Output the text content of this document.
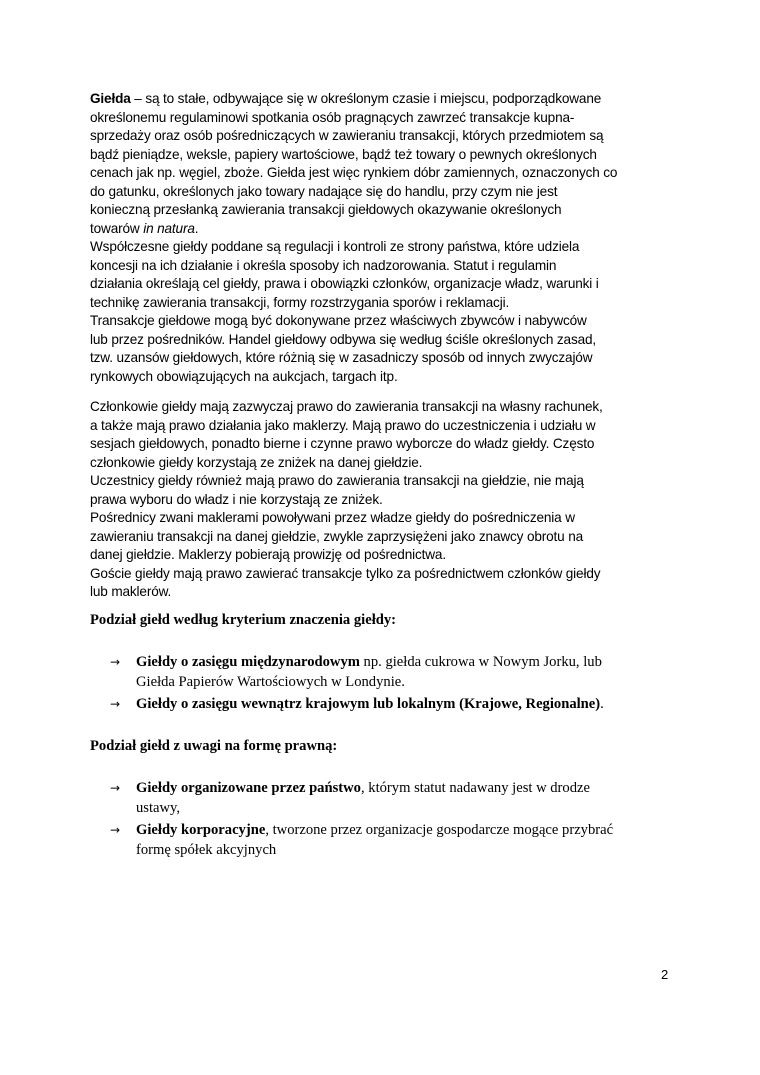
Giełda – są to stałe, odbywające się w określonym czasie i miejscu, podporządkowane
określonemu regulaminowi spotkania osób pragnących zawrzeć transakcje kupna-
sprzedaży oraz osób pośredniczących w zawieraniu transakcji, których przedmiotem są
bądź pieniądze, weksle, papiery wartościowe, bądź też towary o pewnych określonych
cenach jak np. węgiel, zboże. Giełda jest więc rynkiem dóbr zamiennych, oznaczonych co
do gatunku, określonych jako towary nadające się do handlu, przy czym nie jest
konieczną przesłanką zawierania transakcji giełdowych okazywanie określonych
towarów in natura.
Współczesne giełdy poddane są regulacji i kontroli ze strony państwa, które udziela
koncesji na ich działanie i określa sposoby ich nadzorowania. Statut i regulamin
działania określają cel giełdy, prawa i obowiązki członków, organizacje władz, warunki i
technikę zawierania transakcji, formy rozstrzygania sporów i reklamacji.
Transakcje giełdowe mogą być dokonywane przez właściwych zbywców i nabywców
lub przez pośredników. Handel giełdowy odbywa się według ściśle określonych zasad,
tzw. uzansów giełdowych, które różnią się w zasadniczy sposób od innych zwyczajów
rynkowych obowiązujących na aukcjach, targach itp.
Członkowie giełdy mają zazwyczaj prawo do zawierania transakcji na własny rachunek,
a także mają prawo działania jako maklerzy. Mają prawo do uczestniczenia i udziału w
sesjach giełdowych, ponadto bierne i czynne prawo wyborcze do władz giełdy. Często
członkowie giełdy korzystają ze zniżek na danej giełdzie.
Uczestnicy giełdy również mają prawo do zawierania transakcji na giełdzie, nie mają
prawa wyboru do władz i nie korzystają ze zniżek.
Pośrednicy zwani maklerami powoływani przez władze giełdy do pośredniczenia w
zawieraniu transakcji na danej giełdzie, zwykle zaprzysiężeni jako znawcy obrotu na
danej giełdzie. Maklerzy pobierają prowizję od pośrednictwa.
Goście giełdy mają prawo zawierać transakcje tylko za pośrednictwem członków giełdy
lub maklerów.
Podział giełd według kryterium znaczenia giełdy:
→ Giełdy o zasięgu międzynarodowym np. giełda cukrowa w Nowym Jorku, lub
Giełda Papierów Wartościowych w Londynie.
→ Giełdy o zasięgu wewnątrz krajowym lub lokalnym (Krajowe, Regionalne).
Podział giełd z uwagi na formę prawną:
→ Giełdy organizowane przez państwo, którym statut nadawany jest w drodze
ustawy,
→ Giełdy korporacyjne, tworzone przez organizacje gospodarcze mogące przybrać
formę spółek akcyjnych
2
